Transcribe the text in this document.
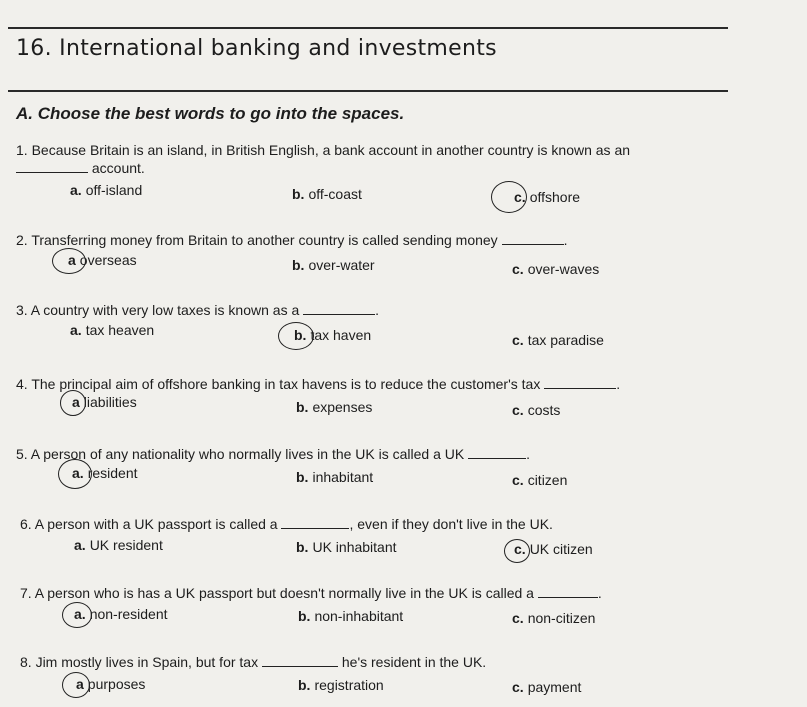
16. International banking and investments
A. Choose the best words to go into the spaces.
1. Because Britain is an island, in British English, a bank account in another country is known as an
account.
a. off-island	b. off-coast	c. offshore
2. Transferring money from Britain to another country is called sending money	.
a overseas	b. over-water	c. over-waves
3. A country with very low taxes is known as a	.
a. tax heaven	b. tax haven	c. tax paradise
4. The principal aim of offshore banking in tax havens is to reduce the customer's tax	.
a liabilities	b. expenses	c. costs
5. A person of any nationality who normally lives in the UK is called a UK	.
a. resident	b. inhabitant	c. citizen
6. A person with a UK passport is called a	, even if they don't live in the UK.
a. UK resident	b. UK inhabitant	c. UK citizen
7. A person who is has a UK passport but doesn't normally live in the UK is called a	.
a. non-resident	b. non-inhabitant	c. non-citizen
8. Jim mostly lives in Spain, but for tax	he's resident in the UK.
a purposes	b. registration	c. payment
